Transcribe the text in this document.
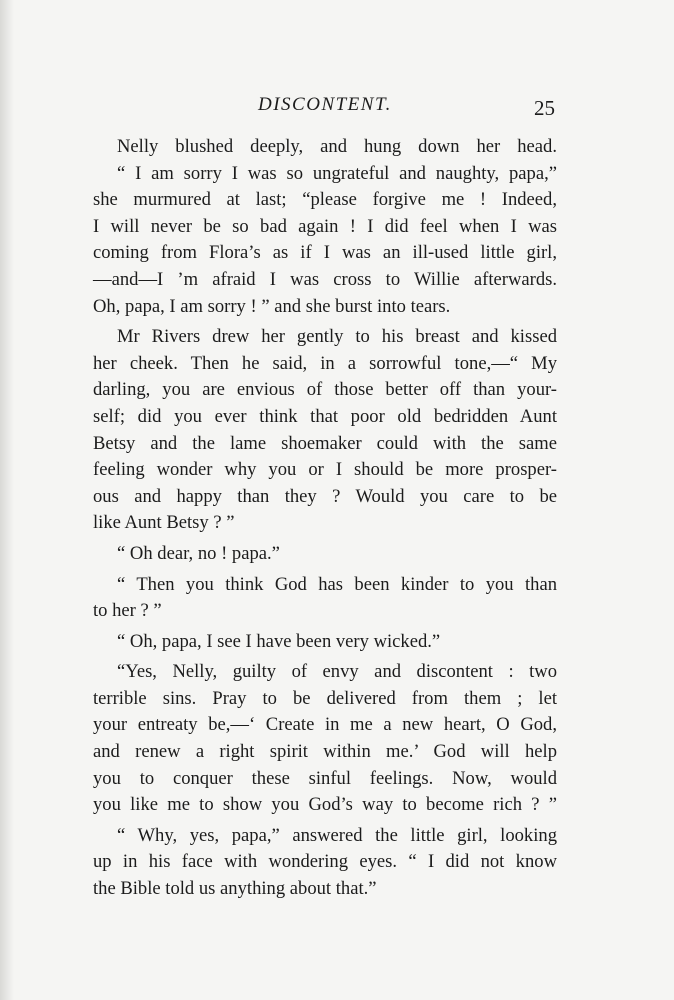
DISCONTENT.	25
Nelly blushed deeply, and hung down her head.
“ I am sorry I was so ungrateful and naughty, papa,”
she murmured at last; “please forgive me ! Indeed,
I will never be so bad again ! I did feel when I was
coming from Flora’s as if I was an ill-used little girl,
—and—I ’m afraid I was cross to Willie afterwards.
Oh, papa, I am sorry ! ” and she burst into tears.
Mr Rivers drew her gently to his breast and kissed
her cheek. Then he said, in a sorrowful tone,—“ My
darling, you are envious of those better off than your-
self; did you ever think that poor old bedridden Aunt
Betsy and the lame shoemaker could with the same
feeling wonder why you or I should be more prosper-
ous and happy than they ? Would you care to be
like Aunt Betsy ? ”
“ Oh dear, no ! papa.”
“ Then you think God has been kinder to you than
to her ? ”
“ Oh, papa, I see I have been very wicked.”
“Yes, Nelly, guilty of envy and discontent : two
terrible sins. Pray to be delivered from them ; let
your entreaty be,—‘ Create in me a new heart, O God,
and renew a right spirit within me.’ God will help
you to conquer these sinful feelings. Now, would
you like me to show you God’s way to become rich ? ”
“ Why, yes, papa,” answered the little girl, looking
up in his face with wondering eyes. “ I did not know
the Bible told us anything about that.”
